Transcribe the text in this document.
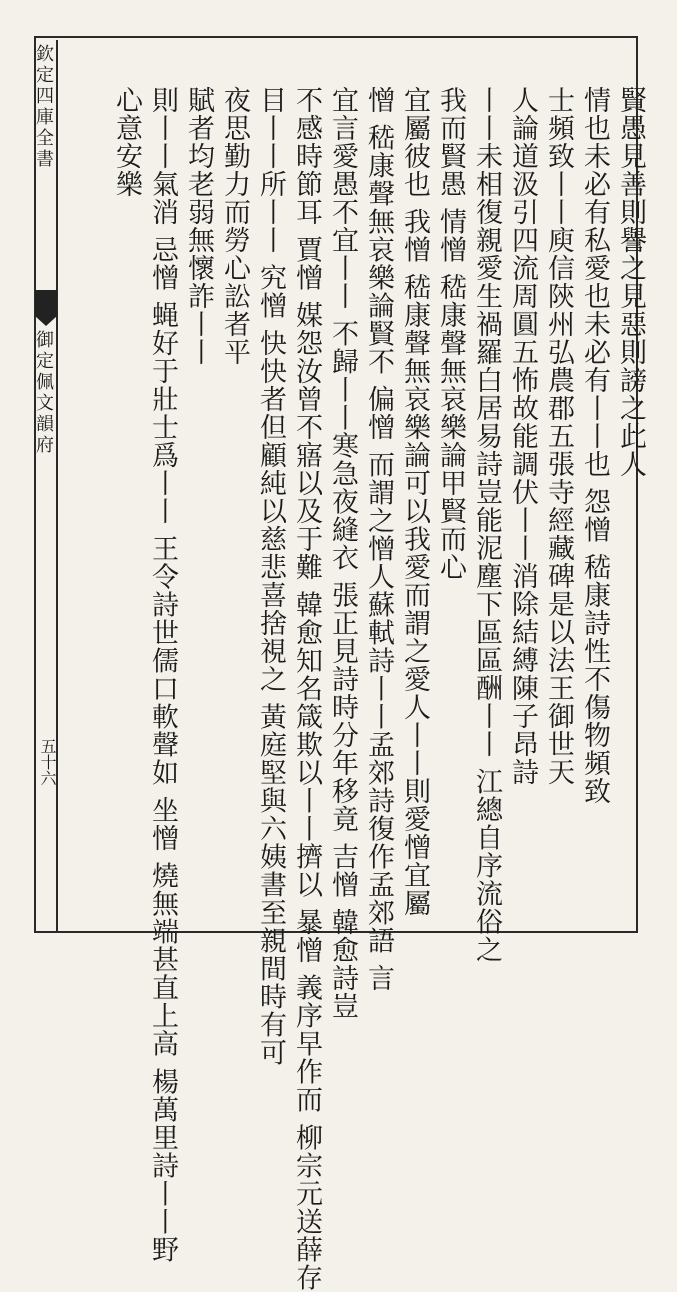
賢愚見善則譽之見惡則謗之此人
情也未必有私愛也未必有丨丨也 怨憎 嵇康詩性不傷物頻致
士頻致丨丨庾信陝州弘農郡五張寺經藏碑是以法王御世天
人論道汲引四流周圓五怖故能調伏丨丨消除結縛陳子昂詩
丨丨未相復親愛生禍羅白居易詩豈能泥塵下區區酬丨丨 江總自序流俗之
我而賢愚 情憎 嵇康聲無哀樂論甲賢而心
宜屬彼也 我憎 嵇康聲無哀樂論可以我愛而謂之愛人丨丨則愛憎宜屬
憎 嵇康聲無哀樂論賢不 偏憎 而謂之憎人蘇軾詩丨丨孟郊詩復作孟郊語 言
宜言愛愚不宜丨丨 不歸丨丨寒急夜縫衣 張正見詩時分年移竟 吉憎 韓愈詩豈
不感時節耳 賈憎 媒怨汝曾不寤以及于難 韓愈知名箴欺以丨丨擠以 暴憎 義序早作而 柳宗元送薛存
目丨丨所丨丨 究憎 快快者但顧純以慈悲喜捨視之 黃庭堅與六姨書至親間時有可
夜思勤力而勞心訟者平
賦者均老弱無懷詐丨丨
則丨丨氣消 忌憎 蝇好于壯士爲丨丨 王令詩世儒口軟聲如 坐憎 燒無端甚直上高 楊萬里詩丨丨野
心意安樂
欽定四庫全書
御定佩文韻府
五十六
